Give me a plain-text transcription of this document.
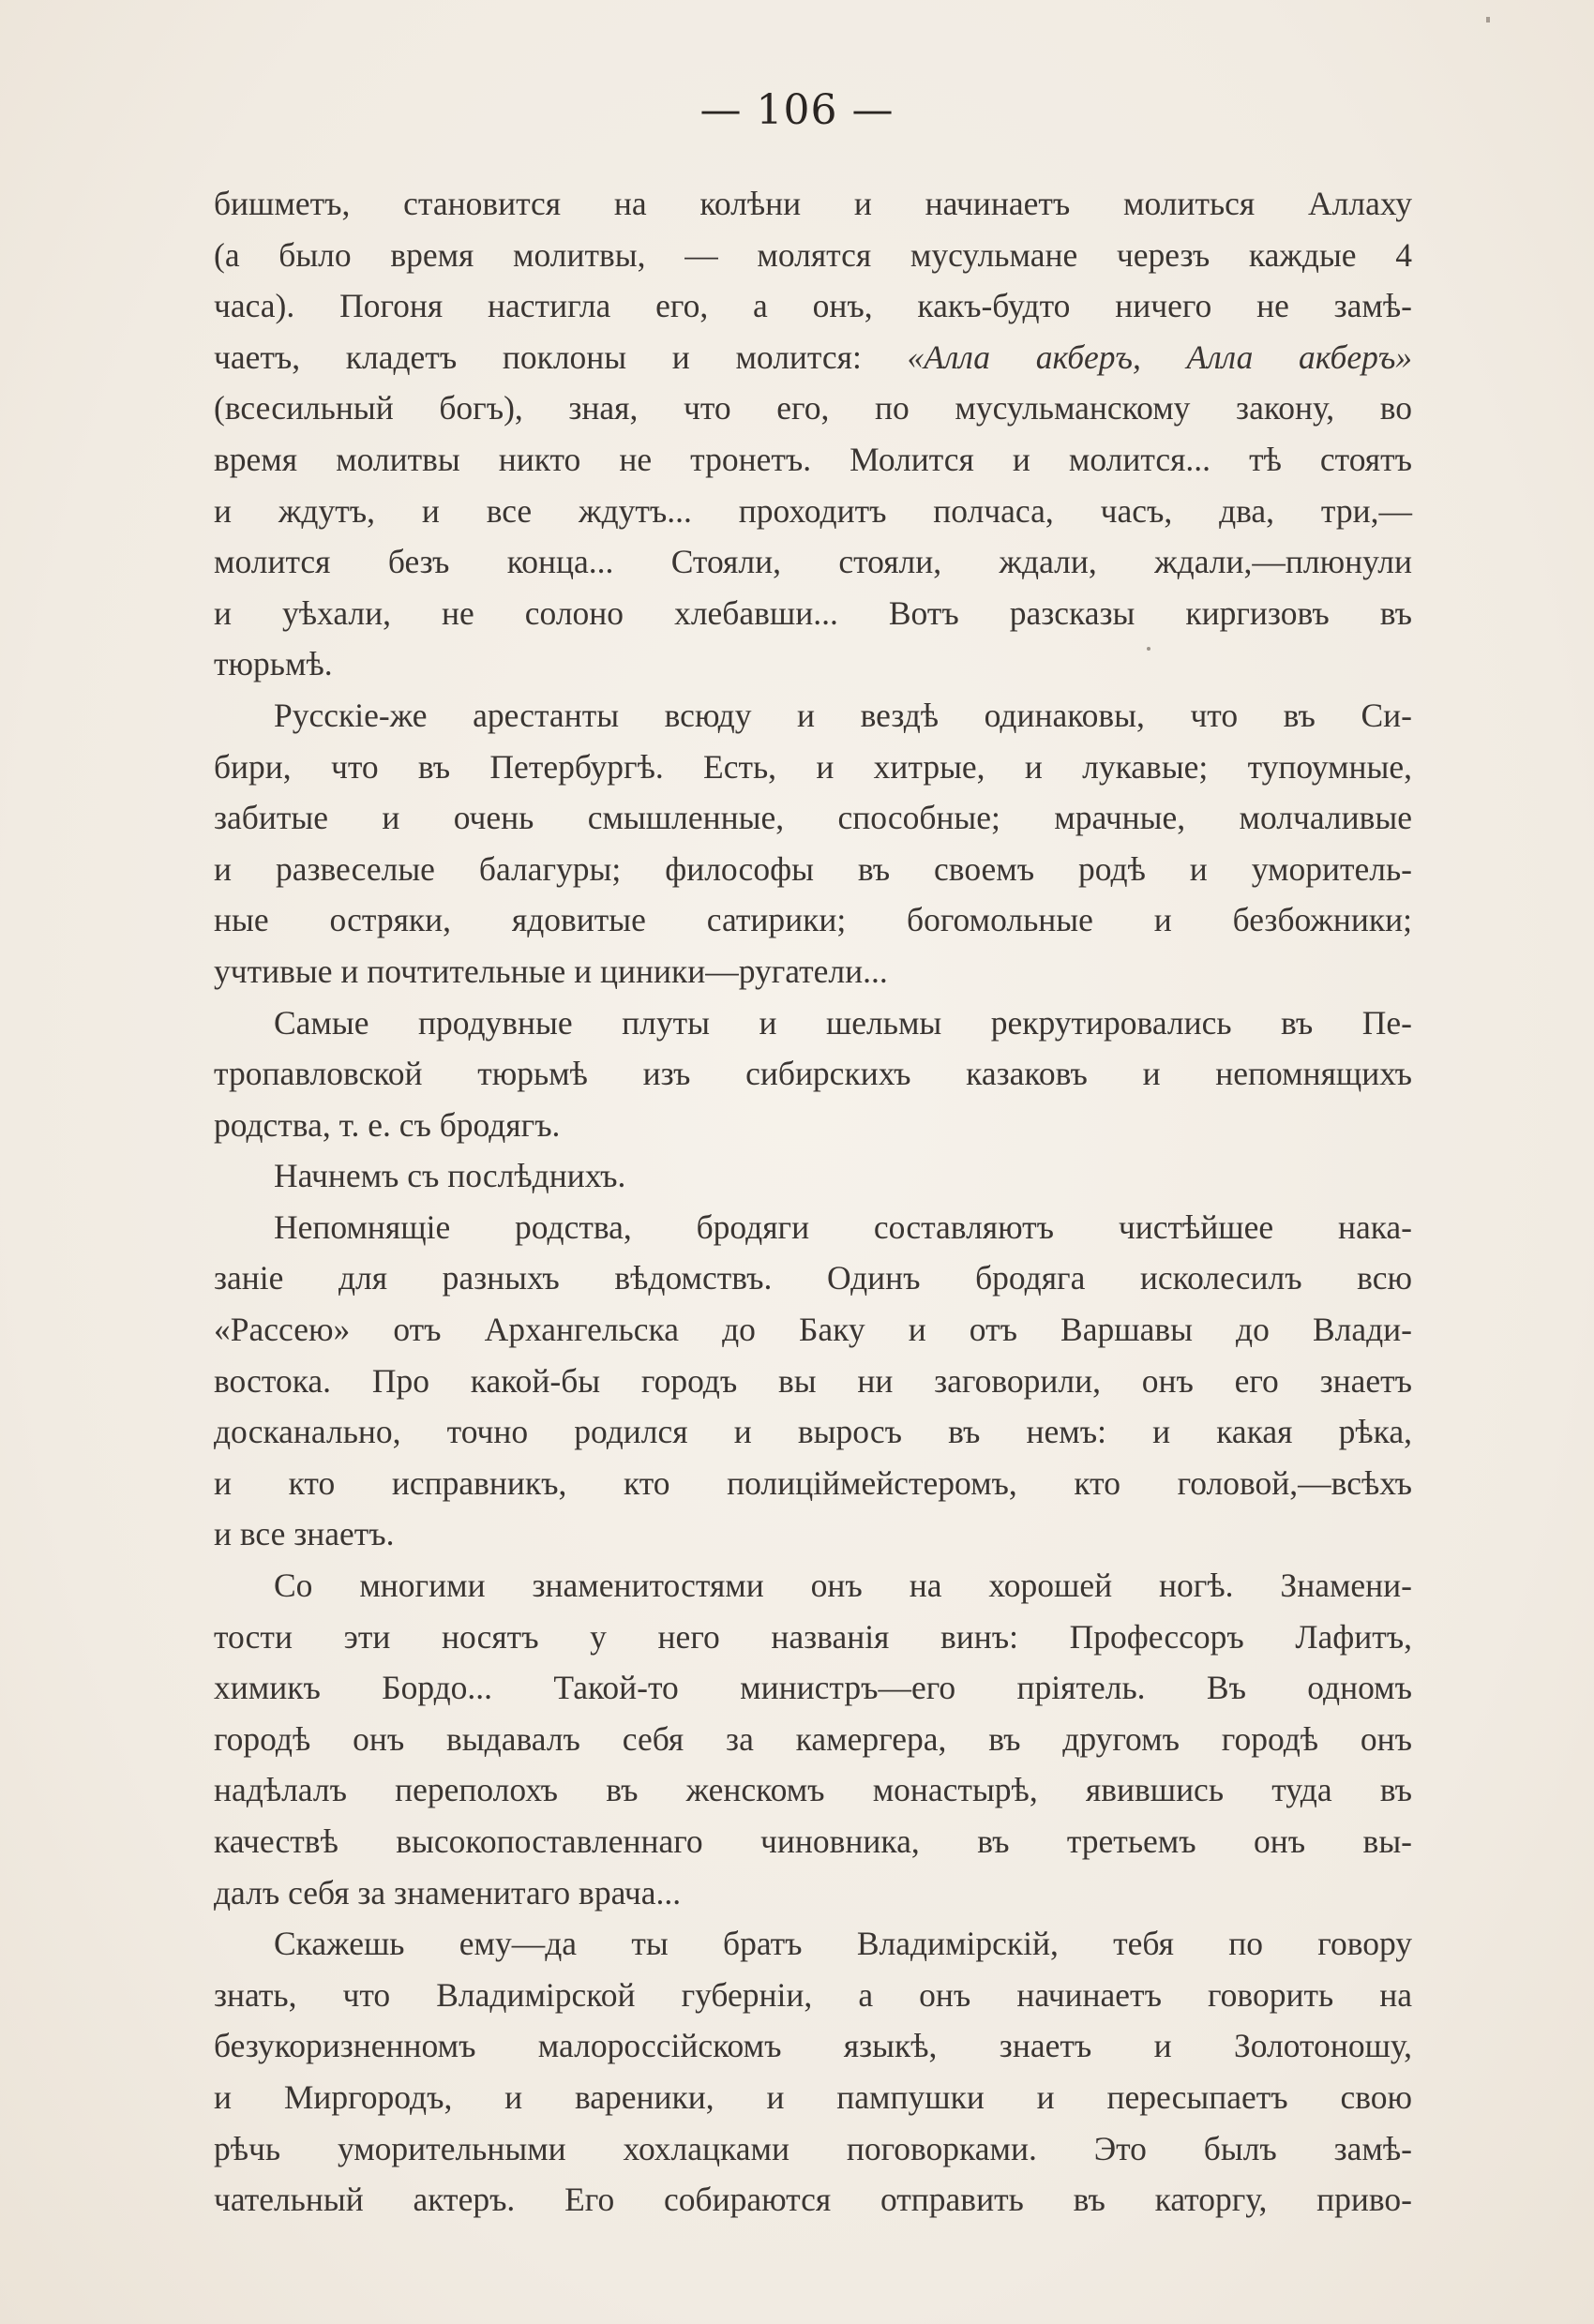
— 106 —
бишметъ, становится на колѣни и начинаетъ молиться Аллаху
(а было время молитвы, — молятся мусульмане черезъ каждые 4
часа). Погоня настигла его, а онъ, какъ-будто ничего не замѣ-
чаетъ, кладетъ поклоны и молится: «Алла акберъ, Алла акберъ»
(всесильный богъ), зная, что его, по мусульманскому закону, во
время молитвы никто не тронетъ. Молится и молится... тѣ стоятъ
и ждутъ, и все ждутъ... проходитъ полчаса, часъ, два, три,—
молится безъ конца... Стояли, стояли, ждали, ждали,—плюнули
и уѣхали, не солоно хлебавши... Вотъ разсказы киргизовъ въ
тюрьмѣ.
Русскіе-же арестанты всюду и вездѣ одинаковы, что въ Си-
бири, что въ Петербургѣ. Есть, и хитрые, и лукавые; тупоумные,
забитые и очень смышленные, способные; мрачные, молчаливые
и развеселые балагуры; философы въ своемъ родѣ и уморитель-
ные остряки, ядовитые сатирики; богомольные и безбожники;
учтивые и почтительные и циники—ругатели...
Самые продувные плуты и шельмы рекрутировались въ Пе-
тропавловской тюрьмѣ изъ сибирскихъ казаковъ и непомнящихъ
родства, т. е. съ бродягъ.
Начнемъ съ послѣднихъ.
Непомнящіе родства, бродяги составляютъ чистѣйшее нака-
заніе для разныхъ вѣдомствъ. Одинъ бродяга исколесилъ всю
«Рассею» отъ Архангельска до Баку и отъ Варшавы до Влади-
востока. Про какой-бы городъ вы ни заговорили, онъ его знаетъ
досканально, точно родился и выросъ въ немъ: и какая рѣка,
и кто исправникъ, кто полиціймейстеромъ, кто головой,—всѣхъ
и все знаетъ.
Со многими знаменитостями онъ на хорошей ногѣ. Знамени-
тости эти носятъ у него названія винъ: Профессоръ Лафитъ,
химикъ Бордо... Такой-то министръ—его пріятель. Въ одномъ
городѣ онъ выдавалъ себя за камергера, въ другомъ городѣ онъ
надѣлалъ переполохъ въ женскомъ монастырѣ, явившись туда въ
качествѣ высокопоставленнаго чиновника, въ третьемъ онъ вы-
далъ себя за знаменитаго врача...
Скажешь ему—да ты братъ Владимірскій, тебя по говору
знать, что Владимірской губерніи, а онъ начинаетъ говорить на
безукоризненномъ малороссійскомъ языкѣ, знаетъ и Золотоношу,
и Миргородъ, и вареники, и пампушки и пересыпаетъ свою
рѣчь уморительными хохлацками поговорками. Это былъ замѣ-
чательный актеръ. Его собираются отправить въ каторгу, приво-
